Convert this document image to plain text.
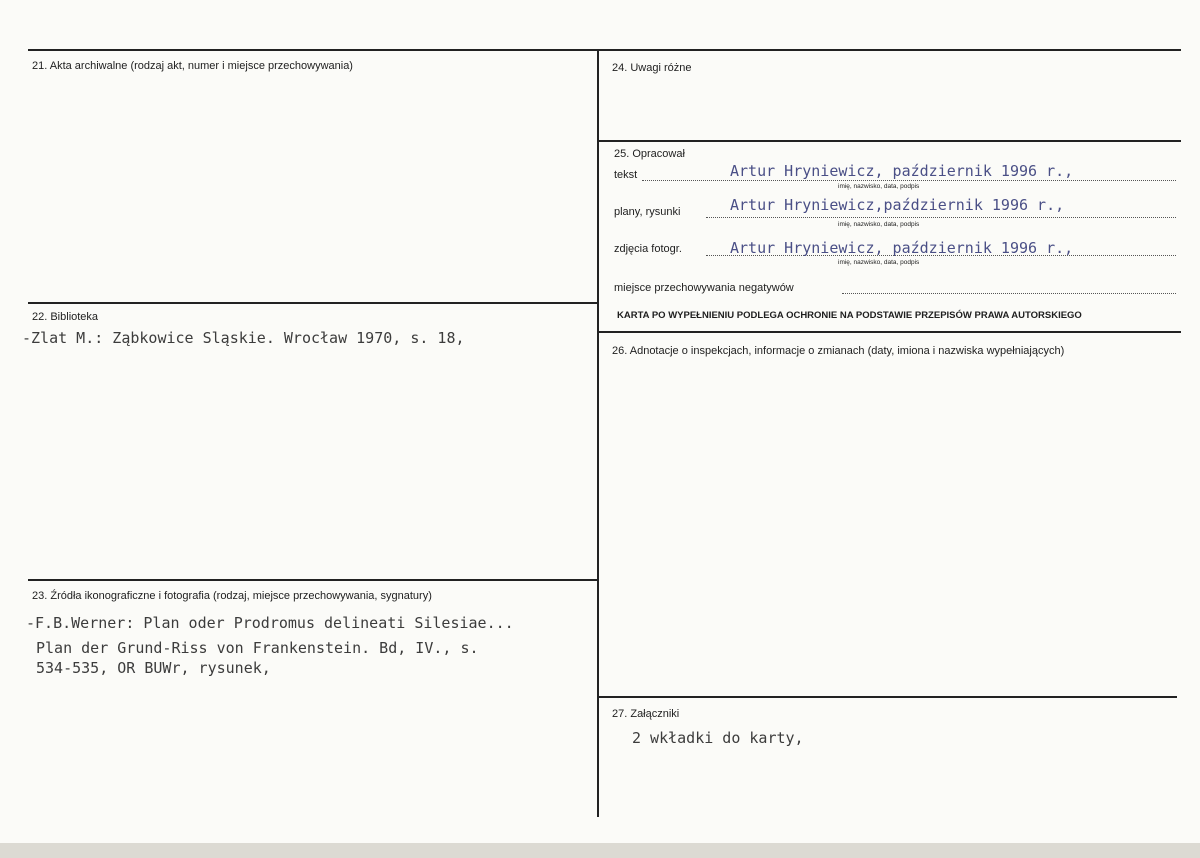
21. Akta archiwalne (rodzaj akt, numer i miejsce przechowywania)
22. Biblioteka
-Zlat M.: Ząbkowice Sląskie. Wrocław 1970, s. 18,
23. Źródła ikonograficzne i fotografia (rodzaj, miejsce przechowywania, sygnatury)
-F.B.Werner: Plan oder Prodromus delineati Silesiae...
Plan der Grund-Riss von Frankenstein. Bd, IV., s.
534-535, OR BUWr, rysunek,
24. Uwagi różne
25. Opracował
tekst	Artur Hryniewicz, październik 1996 r.,
imię, nazwisko, data, podpis
plany, rysunki	Artur Hryniewicz,październik 1996 r.,
imię, nazwisko, data, podpis
zdjęcia fotogr.	Artur Hryniewicz, październik 1996 r.,
imię, nazwisko, data, podpis
miejsce przechowywania negatywów
KARTA PO WYPEŁNIENIU PODLEGA OCHRONIE NA PODSTAWIE PRZEPISÓW PRAWA AUTORSKIEGO
26. Adnotacje o inspekcjach, informacje o zmianach (daty, imiona i nazwiska wypełniających)
27. Załączniki
2 wkładki do karty,
